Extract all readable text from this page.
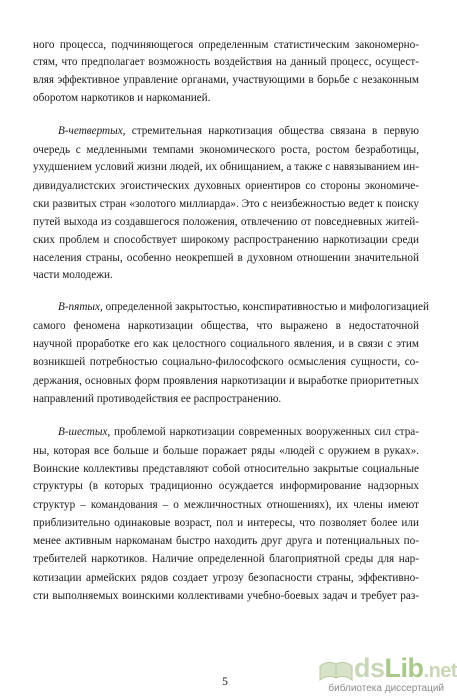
ного процесса, подчиняющегося определенным статистическим закономерно-
стям, что предполагает возможность воздействия на данный процесс, осущест-
вляя эффективное управление органами, участвующими в борьбе с незаконным
оборотом наркотиков и наркоманией.
В-четвертых, стремительная наркотизация общества связана в первую
очередь с медленными темпами экономического роста, ростом безработицы,
ухудшением условий жизни людей, их обнищанием, а также с навязыванием ин-
дивидуалистских эгоистических духовных ориентиров со стороны экономиче-
ски развитых стран «золотого миллиарда». Это с неизбежностью ведет к поиску
путей выхода из создавшегося положения, отвлечению от повседневных житей-
ских проблем и способствует широкому распространению наркотизации среди
населения страны, особенно неокрепшей в духовном отношении значительной
части молодежи.
В-пятых, определенной закрытостью, конспиративностью и мифологизацией
самого феномена наркотизации общества, что выражено в недостаточной
научной проработке его как целостного социального явления, и в связи с этим
возникшей потребностью социально-философского осмысления сущности, со-
держания, основных форм проявления наркотизации и выработке приоритетных
направлений противодействия ее распространению.
В-шестых, проблемой наркотизации современных вооруженных сил стра-
ны, которая все больше и больше поражает ряды «людей с оружием в руках».
Воинские коллективы представляют собой относительно закрытые социальные
структуры (в которых традиционно осуждается информирование надзорных
структур – командования – о межличностных отношениях), их члены имеют
приблизительно одинаковые возраст, пол и интересы, что позволяет более или
менее активным наркоманам быстро находить друг друга и потенциальных по-
требителей наркотиков. Наличие определенной благоприятной среды для нар-
котизации армейских рядов создает угрозу безопасности страны, эффективно-
сти выполняемых воинскими коллективами учебно-боевых задач и требует раз-
5	dsLib.net
библиотека диссертаций
